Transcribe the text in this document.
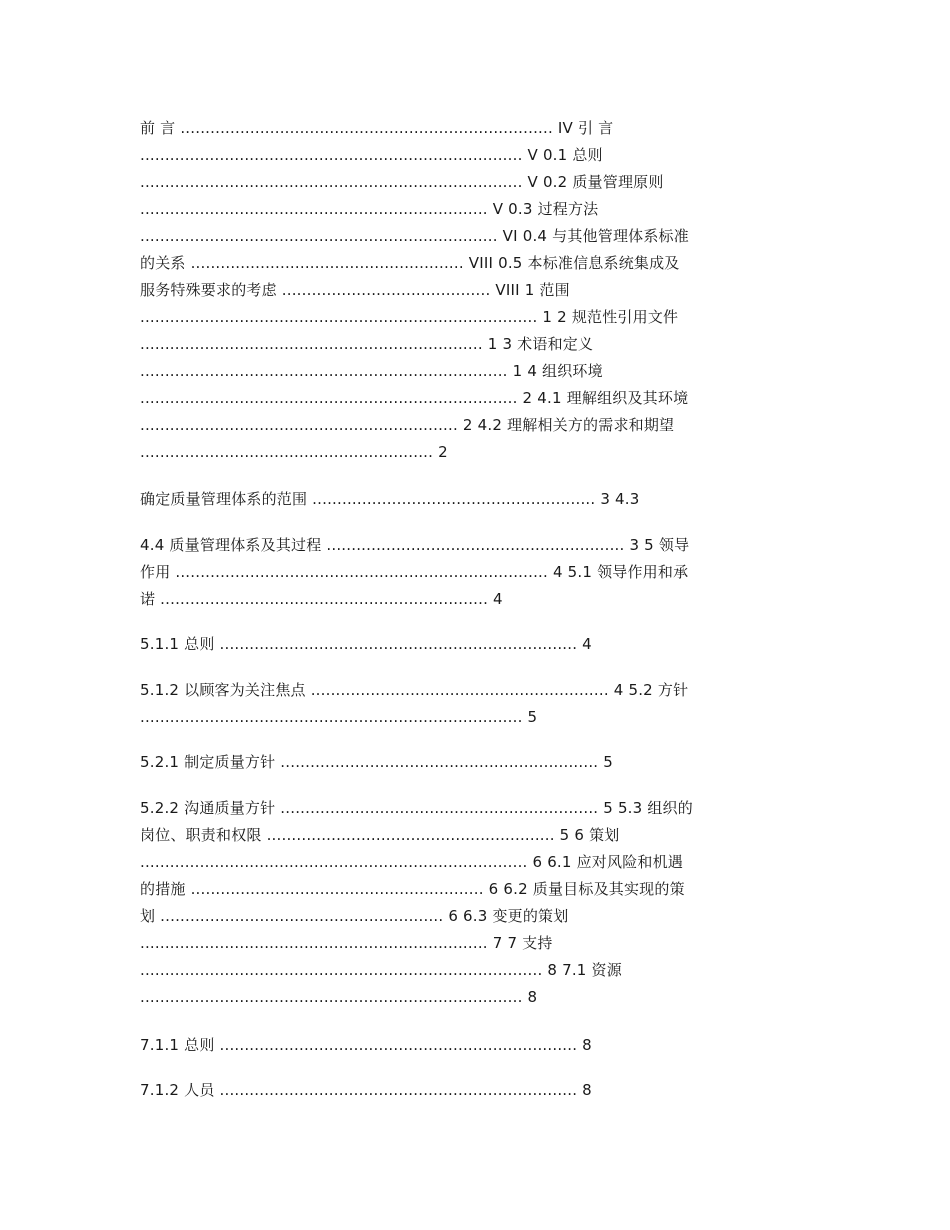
前 言 ........................................................................... IV 引 言
............................................................................. V 0.1 总则
............................................................................. V 0.2 质量管理原则
...................................................................... V 0.3 过程方法
........................................................................ VI 0.4 与其他管理体系标准
的关系 ....................................................... VIII 0.5 本标准信息系统集成及
服务特殊要求的考虑 .......................................... VIII 1 范围
................................................................................ 1 2 规范性引用文件
..................................................................... 1 3 术语和定义
.......................................................................... 1 4 组织环境
............................................................................ 2 4.1 理解组织及其环境
................................................................ 2 4.2 理解相关方的需求和期望
........................................................... 2
确定质量管理体系的范围 ......................................................... 3 4.3
4.4 质量管理体系及其过程 ............................................................ 3 5 领导
作用 ........................................................................... 4 5.1 领导作用和承
诺 .................................................................. 4
5.1.1 总则 ........................................................................ 4
5.1.2 以顾客为关注焦点 ............................................................ 4 5.2 方针
............................................................................. 5
5.2.1 制定质量方针 ................................................................ 5
5.2.2 沟通质量方针 ................................................................ 5 5.3 组织的
岗位、职责和权限 .......................................................... 5 6 策划
.............................................................................. 6 6.1 应对风险和机遇
的措施 ........................................................... 6 6.2 质量目标及其实现的策
划 ......................................................... 6 6.3 变更的策划
...................................................................... 7 7 支持
................................................................................. 8 7.1 资源
............................................................................. 8
7.1.1 总则 ........................................................................ 8
7.1.2 人员 ........................................................................ 8
